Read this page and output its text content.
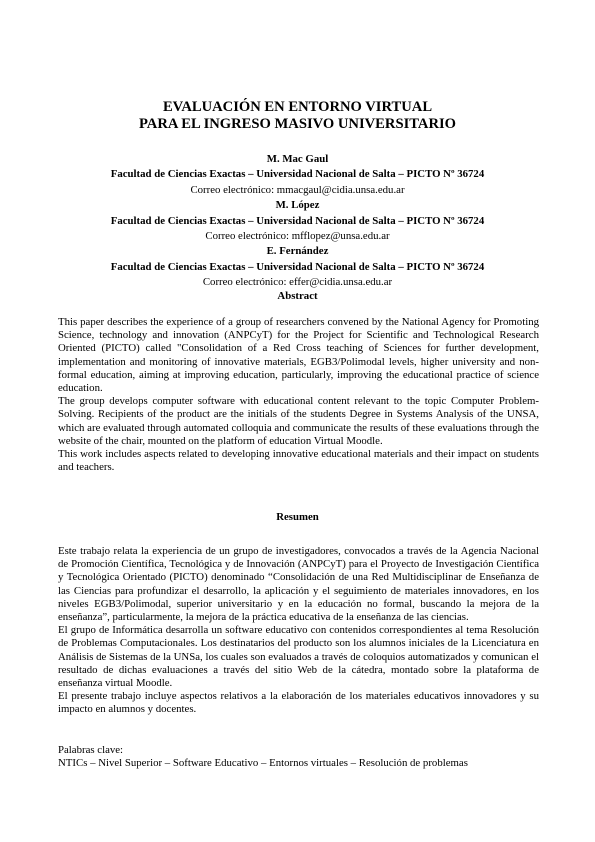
EVALUACIÓN EN ENTORNO VIRTUAL
PARA EL INGRESO MASIVO UNIVERSITARIO
M. Mac Gaul
Facultad de Ciencias Exactas – Universidad Nacional de Salta – PICTO Nº 36724
Correo electrónico: mmacgaul@cidia.unsa.edu.ar
M. López
Facultad de Ciencias Exactas – Universidad Nacional de Salta – PICTO Nº 36724
Correo electrónico: mfflopez@unsa.edu.ar
E. Fernández
Facultad de Ciencias Exactas – Universidad Nacional de Salta – PICTO Nº 36724
Correo electrónico: effer@cidia.unsa.edu.ar
Abstract

This paper describes the experience of a group of researchers convened by the National Agency for Promoting Science, technology and innovation (ANPCyT) for the Project for Scientific and Technological Research Oriented (PICTO) called "Consolidation of a Red Cross teaching of Sciences for further development, implementation and monitoring of innovative materials, EGB3/Polimodal levels, higher university and non-formal education, aiming at improving education, particularly, improving the educational practice of science education.

The group develops computer software with educational content relevant to the topic Computer Problem-Solving. Recipients of the product are the initials of the students Degree in Systems Analysis of the UNSA, which are evaluated through automated colloquia and communicate the results of these evaluations through the website of the chair, mounted on the platform of education Virtual Moodle.

This work includes aspects related to developing innovative educational materials and their impact on students and teachers.

Resumen

Este trabajo relata la experiencia de un grupo de investigadores, convocados a través de la Agencia Nacional de Promoción Científica, Tecnológica y de Innovación (ANPCyT) para el Proyecto de Investigación Científica y Tecnológica Orientado (PICTO) denominado “Consolidación de una Red Multidisciplinar de Enseñanza de las Ciencias para profundizar el desarrollo, la aplicación y el seguimiento de materiales innovadores, en los niveles EGB3/Polimodal, superior universitario y en la educación no formal, buscando la mejora de la enseñanza”, particularmente, la mejora de la práctica educativa de la enseñanza de las ciencias.

El grupo de Informática desarrolla un software educativo con contenidos correspondientes al tema Resolución de Problemas Computacionales. Los destinatarios del producto son los alumnos iniciales de la Licenciatura en Análisis de Sistemas de la UNSa, los cuales son evaluados a través de coloquios automatizados y comunican el resultado de dichas evaluaciones a través del sitio Web de la cátedra, montado sobre la plataforma de enseñanza virtual Moodle.

El presente trabajo incluye aspectos relativos a la elaboración de los materiales educativos innovadores y su impacto en alumnos y docentes.

Palabras clave:
NTICs – Nivel Superior – Software Educativo – Entornos virtuales – Resolución de problemas
